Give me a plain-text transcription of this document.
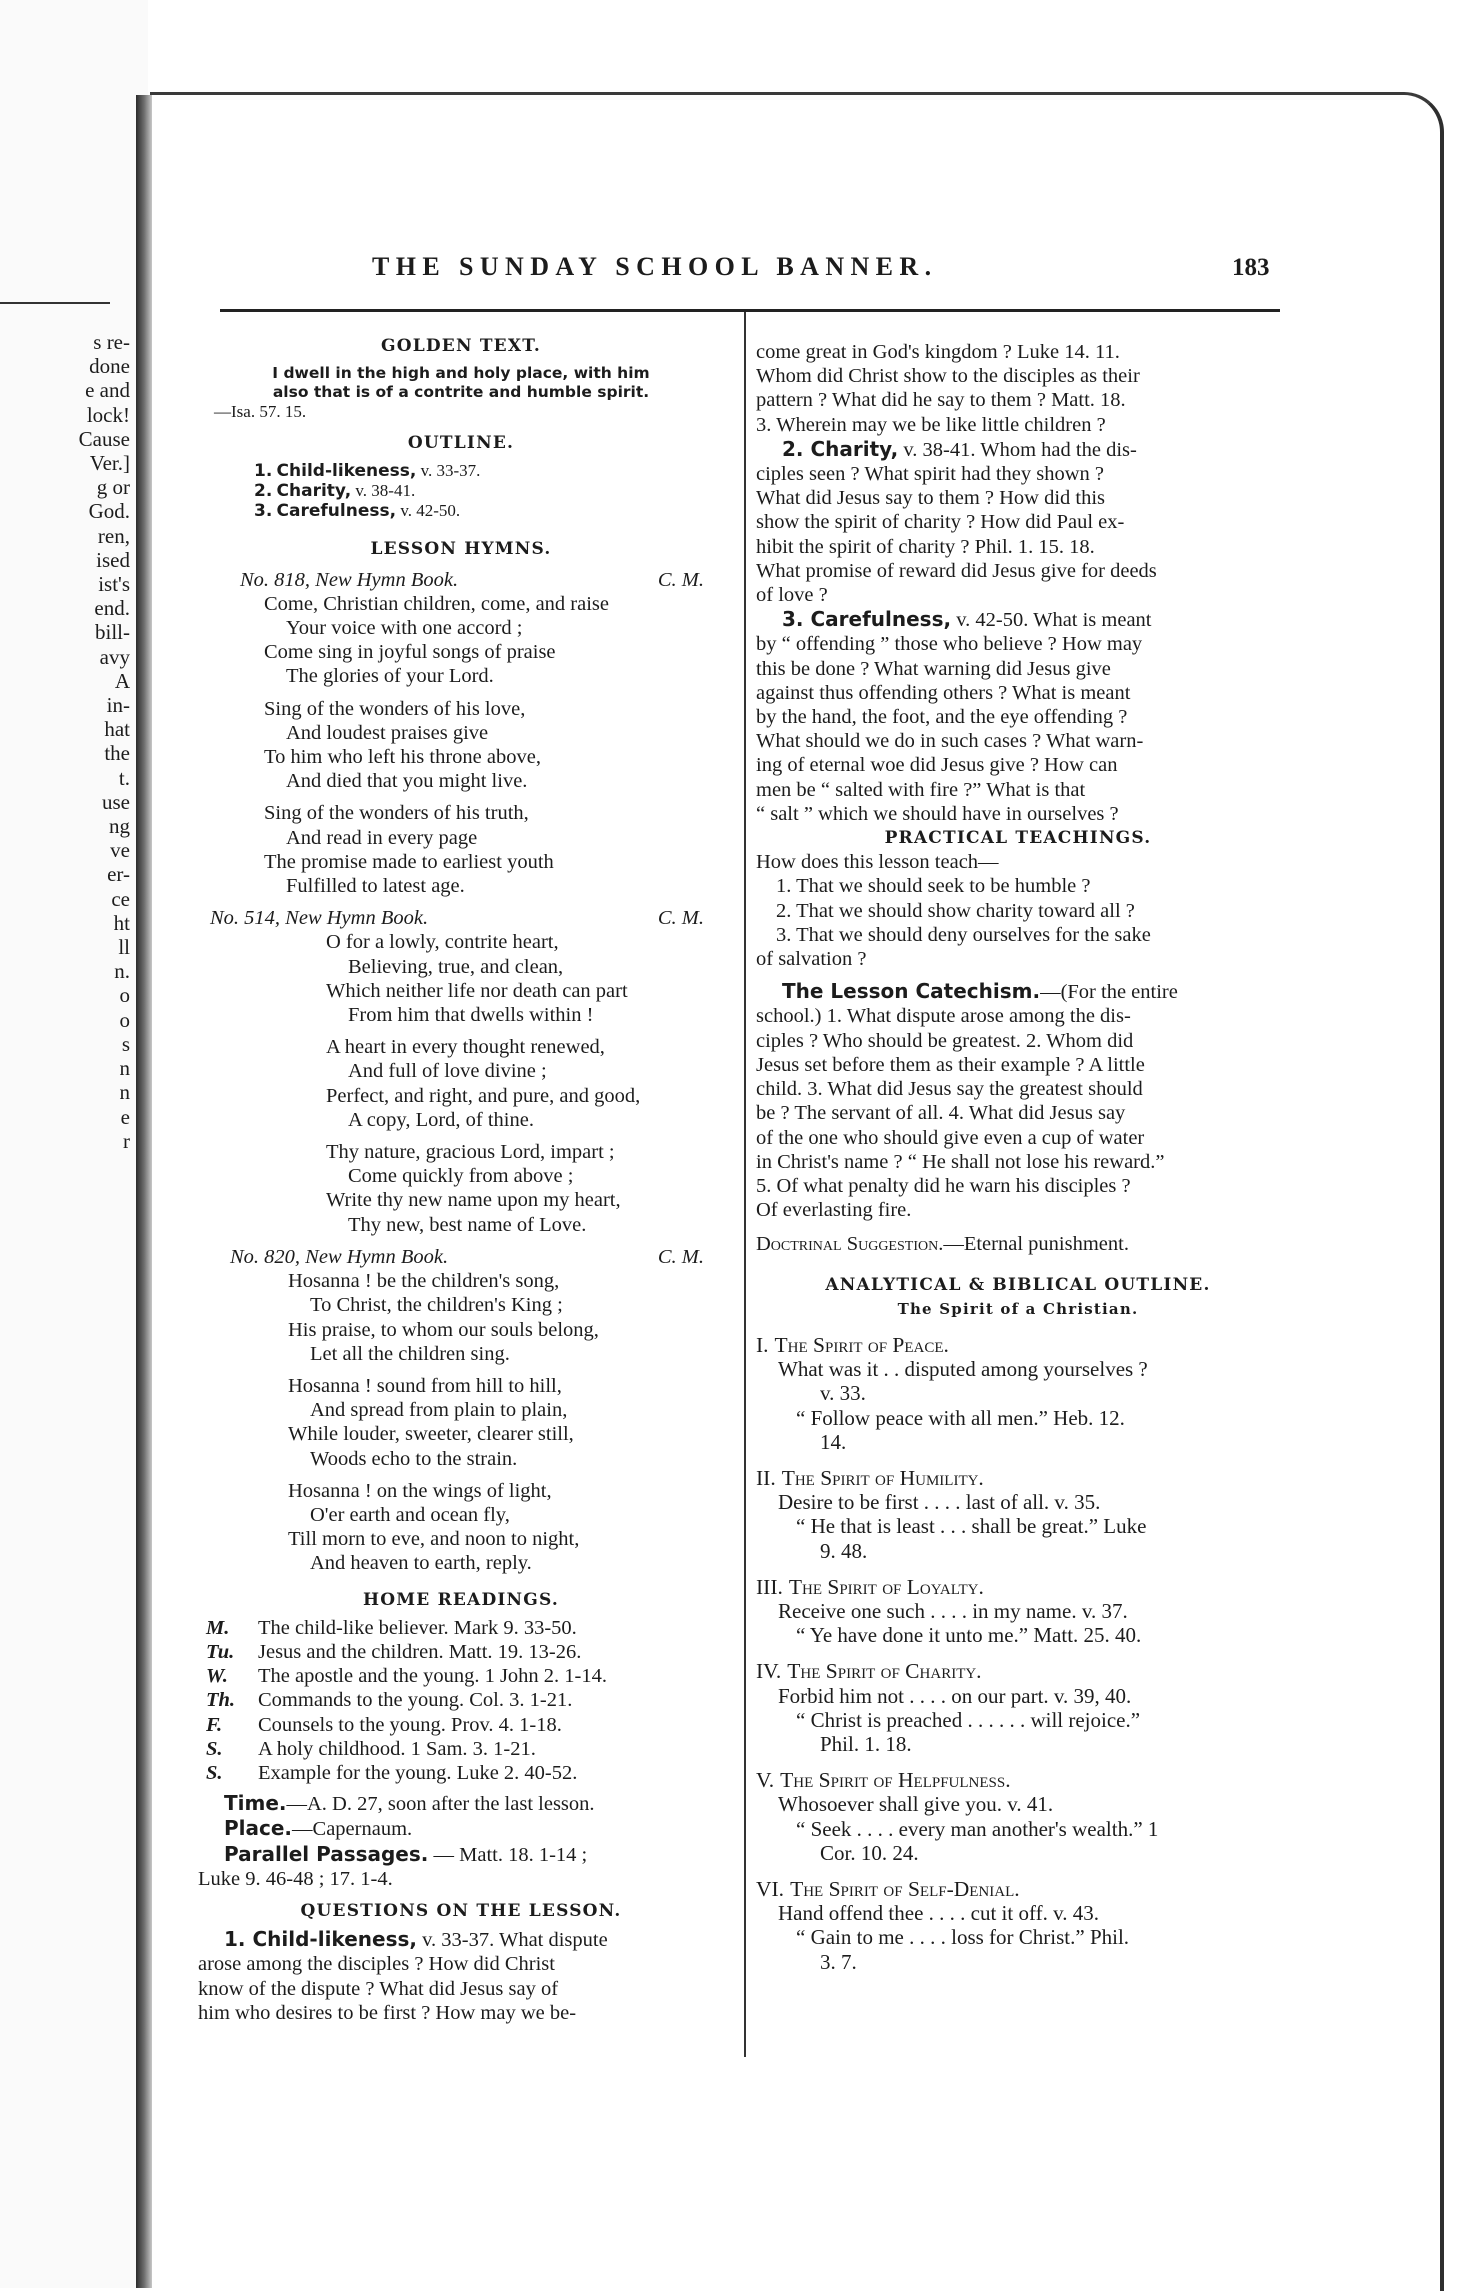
s re-
done
e and
lock!
Cause
Ver.]
g or
God.
ren,
ised
ist's
end.
bill-
avy
A
in-
hat
the
t.
use
ng
ve
er-
ce
ht
ll
n.
o
o
s
n
n
e
r
THE SUNDAY SCHOOL BANNER.	183
GOLDEN TEXT.
I dwell in the high and holy place, with him
also that is of a contrite and humble spirit.
—Isa. 57. 15.
OUTLINE.
1. Child-likeness, v. 33-37.
2. Charity, v. 38-41.
3. Carefulness, v. 42-50.
LESSON HYMNS.
No. 818, New Hymn Book.	C. M.
Come, Christian children, come, and raise
Your voice with one accord ;
Come sing in joyful songs of praise
The glories of your Lord.
Sing of the wonders of his love,
And loudest praises give
To him who left his throne above,
And died that you might live.
Sing of the wonders of his truth,
And read in every page
The promise made to earliest youth
Fulfilled to latest age.
No. 514, New Hymn Book.	C. M.
O for a lowly, contrite heart,
Believing, true, and clean,
Which neither life nor death can part
From him that dwells within !
A heart in every thought renewed,
And full of love divine ;
Perfect, and right, and pure, and good,
A copy, Lord, of thine.
Thy nature, gracious Lord, impart ;
Come quickly from above ;
Write thy new name upon my heart,
Thy new, best name of Love.
No. 820, New Hymn Book.	C. M.
Hosanna ! be the children's song,
To Christ, the children's King ;
His praise, to whom our souls belong,
Let all the children sing.
Hosanna ! sound from hill to hill,
And spread from plain to plain,
While louder, sweeter, clearer still,
Woods echo to the strain.
Hosanna ! on the wings of light,
O'er earth and ocean fly,
Till morn to eve, and noon to night,
And heaven to earth, reply.
HOME READINGS.
M.	The child-like believer. Mark 9. 33-50.
Tu.	Jesus and the children. Matt. 19. 13-26.
W.	The apostle and the young. 1 John 2. 1-14.
Th.	Commands to the young. Col. 3. 1-21.
F.	Counsels to the young. Prov. 4. 1-18.
S.	A holy childhood. 1 Sam. 3. 1-21.
S.	Example for the young. Luke 2. 40-52.
Time.—A. D. 27, soon after the last lesson.
Place.—Capernaum.
Parallel Passages. — Matt. 18. 1-14 ;
Luke 9. 46-48 ; 17. 1-4.
QUESTIONS ON THE LESSON.
1. Child-likeness, v. 33-37. What dispute
arose among the disciples ? How did Christ
know of the dispute ? What did Jesus say of
him who desires to be first ? How may we be-
come great in God's kingdom ? Luke 14. 11.
Whom did Christ show to the disciples as their
pattern ? What did he say to them ? Matt. 18.
3. Wherein may we be like little children ?
2. Charity, v. 38-41. Whom had the dis-
ciples seen ? What spirit had they shown ?
What did Jesus say to them ? How did this
show the spirit of charity ? How did Paul ex-
hibit the spirit of charity ? Phil. 1. 15. 18.
What promise of reward did Jesus give for deeds
of love ?
3. Carefulness, v. 42-50. What is meant
by “ offending ” those who believe ? How may
this be done ? What warning did Jesus give
against thus offending others ? What is meant
by the hand, the foot, and the eye offending ?
What should we do in such cases ? What warn-
ing of eternal woe did Jesus give ? How can
men be “ salted with fire ?” What is that
“ salt ” which we should have in ourselves ?
PRACTICAL TEACHINGS.
How does this lesson teach—
1. That we should seek to be humble ?
2. That we should show charity toward all ?
3. That we should deny ourselves for the sake
of salvation ?
The Lesson Catechism.—(For the entire
school.) 1. What dispute arose among the dis-
ciples ? Who should be greatest. 2. Whom did
Jesus set before them as their example ? A little
child. 3. What did Jesus say the greatest should
be ? The servant of all. 4. What did Jesus say
of the one who should give even a cup of water
in Christ's name ? “ He shall not lose his reward.”
5. Of what penalty did he warn his disciples ?
Of everlasting fire.
Doctrinal Suggestion.—Eternal punishment.
ANALYTICAL & BIBLICAL OUTLINE.
The Spirit of a Christian.
I. The Spirit of Peace.
What was it . . disputed among yourselves ?
v. 33.
“ Follow peace with all men.” Heb. 12.
14.
II. The Spirit of Humility.
Desire to be first . . . . last of all. v. 35.
“ He that is least . . . shall be great.” Luke
9. 48.
III. The Spirit of Loyalty.
Receive one such . . . . in my name. v. 37.
“ Ye have done it unto me.” Matt. 25. 40.
IV. The Spirit of Charity.
Forbid him not . . . . on our part. v. 39, 40.
“ Christ is preached . . . . . . will rejoice.”
Phil. 1. 18.
V. The Spirit of Helpfulness.
Whosoever shall give you. v. 41.
“ Seek . . . . every man another's wealth.” 1
Cor. 10. 24.
VI. The Spirit of Self-Denial.
Hand offend thee . . . . cut it off. v. 43.
“ Gain to me . . . . loss for Christ.” Phil.
3. 7.
